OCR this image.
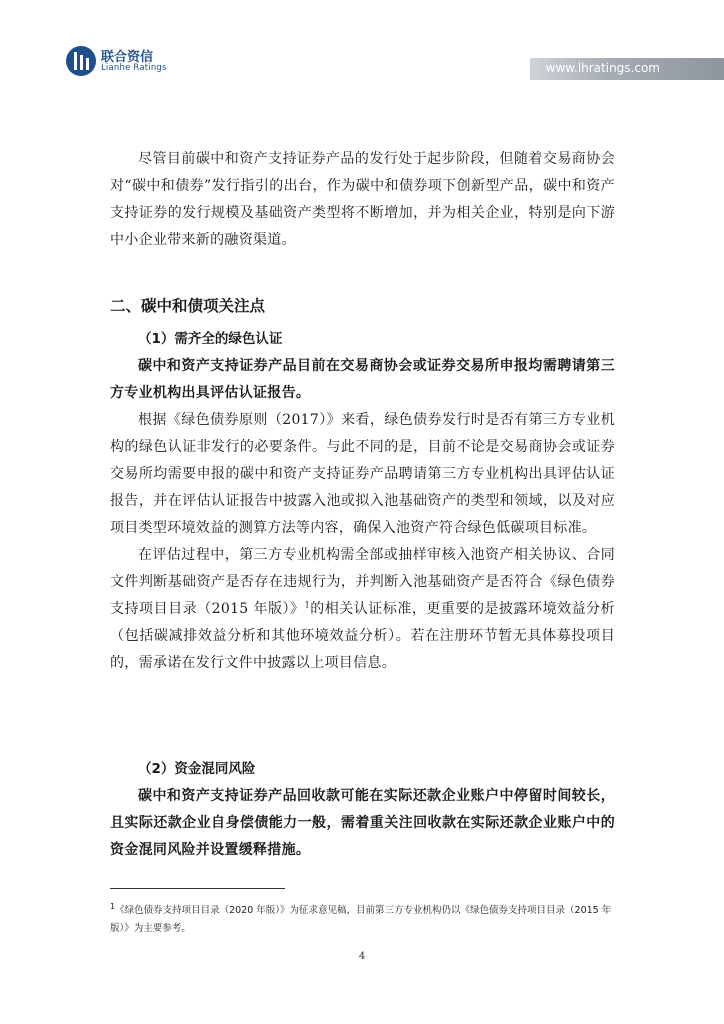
联合资信
Lianhe Ratings	www.lhratings.com

尽管目前碳中和资产支持证券产品的发行处于起步阶段，但随着交易商协会对“碳中和债券”发行指引的出台，作为碳中和债券项下创新型产品，碳中和资产支持证券的发行规模及基础资产类型将不断增加，并为相关企业，特别是向下游中小企业带来新的融资渠道。

二、碳中和债项关注点

（1）需齐全的绿色认证

碳中和资产支持证券产品目前在交易商协会或证券交易所申报均需聘请第三方专业机构出具评估认证报告。

根据《绿色债券原则（2017）》来看，绿色债券发行时是否有第三方专业机构的绿色认证非发行的必要条件。与此不同的是，目前不论是交易商协会或证券交易所均需要申报的碳中和资产支持证券产品聘请第三方专业机构出具评估认证报告，并在评估认证报告中披露入池或拟入池基础资产的类型和领域，以及对应项目类型环境效益的测算方法等内容，确保入池资产符合绿色低碳项目标准。

在评估过程中，第三方专业机构需全部或抽样审核入池资产相关协议、合同文件判断基础资产是否存在违规行为，并判断入池基础资产是否符合《绿色债券支持项目目录（2015 年版）》$^1$的相关认证标准，更重要的是披露环境效益分析（包括碳减排效益分析和其他环境效益分析）。若在注册环节暂无具体募投项目的，需承诺在发行文件中披露以上项目信息。

（2）资金混同风险

碳中和资产支持证券产品回收款可能在实际还款企业账户中停留时间较长，且实际还款企业自身偿债能力一般，需着重关注回收款在实际还款企业账户中的资金混同风险并设置缓释措施。

$^1$《绿色债券支持项目目录（2020 年版）》为征求意见稿，目前第三方专业机构仍以《绿色债券支持项目目录（2015 年版）》为主要参考。
4
